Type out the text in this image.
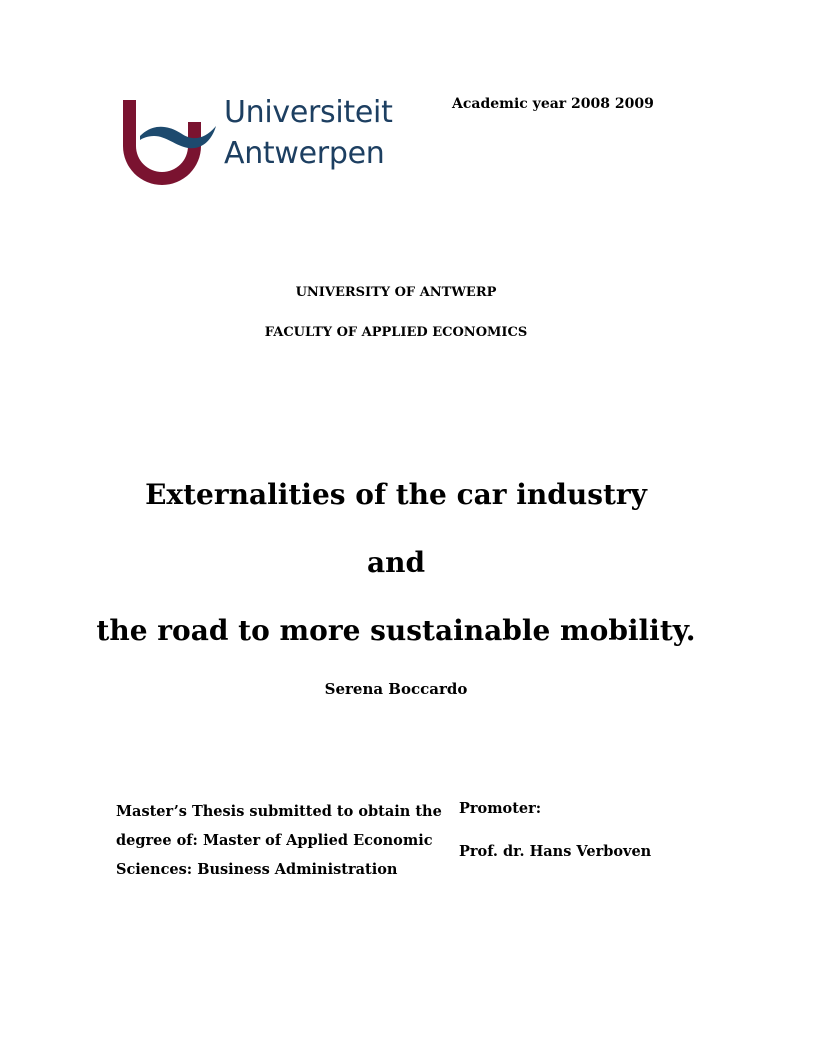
Universiteit
Antwerpen
Academic year 2008 2009
UNIVERSITY OF ANTWERP
FACULTY OF APPLIED ECONOMICS
Externalities of the car industry
and
the road to more sustainable mobility.
Serena Boccardo
Master’s Thesis submitted to obtain the
degree of: Master of Applied Economic
Sciences: Business Administration
Promoter:
Prof. dr. Hans Verboven
